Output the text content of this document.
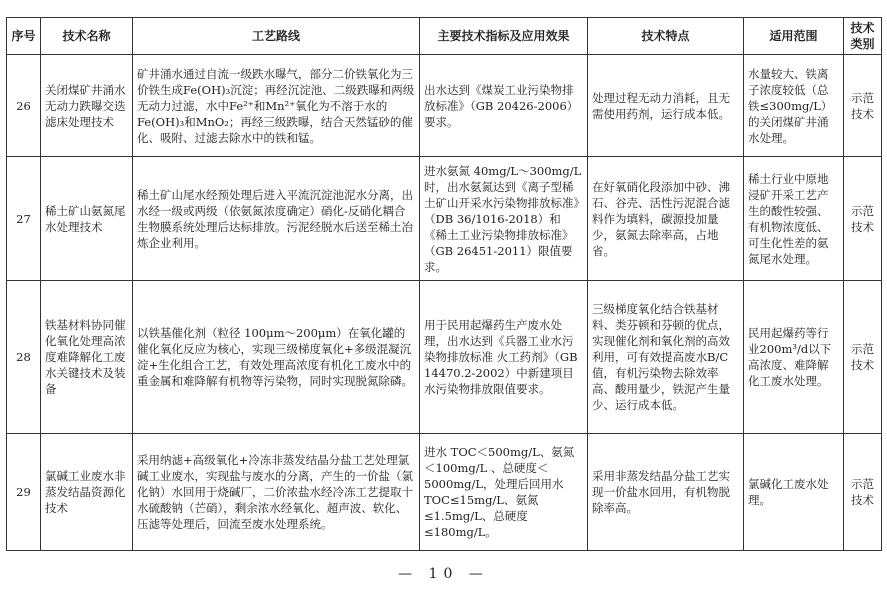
序号	技术名称	工艺路线	主要技术指标及应用效果	技术特点	适用范围	技术类别
26	关闭煤矿井涌水无动力跌曝交迭滤床处理技术	矿井涌水通过自流一级跌水曝气，部分二价铁氧化为三价铁生成Fe(OH)₃沉淀；再经沉淀池、二级跌曝和两级无动力过滤，水中Fe²⁺和Mn²⁺氧化为不溶于水的Fe(OH)₃和MnO₂；再经三级跌曝，结合天然锰砂的催化、吸附、过滤去除水中的铁和锰。	出水达到《煤炭工业污染物排放标准》（GB 20426-2006）要求。	处理过程无动力消耗，且无需使用药剂，运行成本低。	水量较大、铁离子浓度较低（总铁≤300mg/L）的关闭煤矿井涌水处理。	示范技术
27	稀土矿山氨氮尾水处理技术	稀土矿山尾水经预处理后进入平流沉淀池泥水分离，出水经一级或两级（依氨氮浓度确定）硝化-反硝化耦合生物膜系统处理后达标排放。污泥经脱水后送至稀土冶炼企业利用。	进水氨氮 40mg/L～300mg/L时，出水氨氮达到《离子型稀土矿山开采水污染物排放标准》（DB 36/1016-2018）和《稀土工业污染物排放标准》（GB 26451-2011）限值要求。	在好氧硝化段添加中砂、沸石、谷壳、活性污泥混合滤料作为填料，碳源投加量少，氨氮去除率高，占地省。	稀土行业中原地浸矿开采工艺产生的酸性较强、有机物浓度低、可生化性差的氨氮尾水处理。	示范技术
28	铁基材料协同催化氧化处理高浓度难降解化工废水关键技术及装备	以铁基催化剂（粒径 100μm～200μm）在氧化罐的催化氧化反应为核心，实现三级梯度氧化+多级混凝沉淀+生化组合工艺，有效处理高浓度有机化工废水中的重金属和难降解有机物等污染物，同时实现脱氮除磷。	用于民用起爆药生产废水处理，出水达到《兵器工业水污染物排放标准 火工药剂》（GB 14470.2-2002）中新建项目水污染物排放限值要求。	三级梯度氧化结合铁基材料、类芬顿和芬顿的优点，实现催化剂和氧化剂的高效利用，可有效提高废水B/C值，有机污染物去除效率高、酸用量少，铁泥产生量少、运行成本低。	民用起爆药等行业200m³/d以下高浓度、难降解化工废水处理。	示范技术
29	氯碱工业废水非蒸发结晶资源化技术	采用纳滤+高级氧化+冷冻非蒸发结晶分盐工艺处理氯碱工业废水，实现盐与废水的分离，产生的一价盐（氯化钠）水回用于烧碱厂，二价浓盐水经冷冻工艺提取十水硫酸钠（芒硝），剩余浓水经氧化、超声波、软化、压滤等处理后，回流至废水处理系统。	进水 TOC＜500mg/L、氨氮＜100mg/L 、总硬度＜5000mg/L，处理后回用水 TOC≤15mg/L、氨氮≤1.5mg/L、总硬度≤180mg/L。	采用非蒸发结晶分盐工艺实现一价盐水回用，有机物脱除率高。	氯碱化工废水处理。	示范技术
— 10 —
